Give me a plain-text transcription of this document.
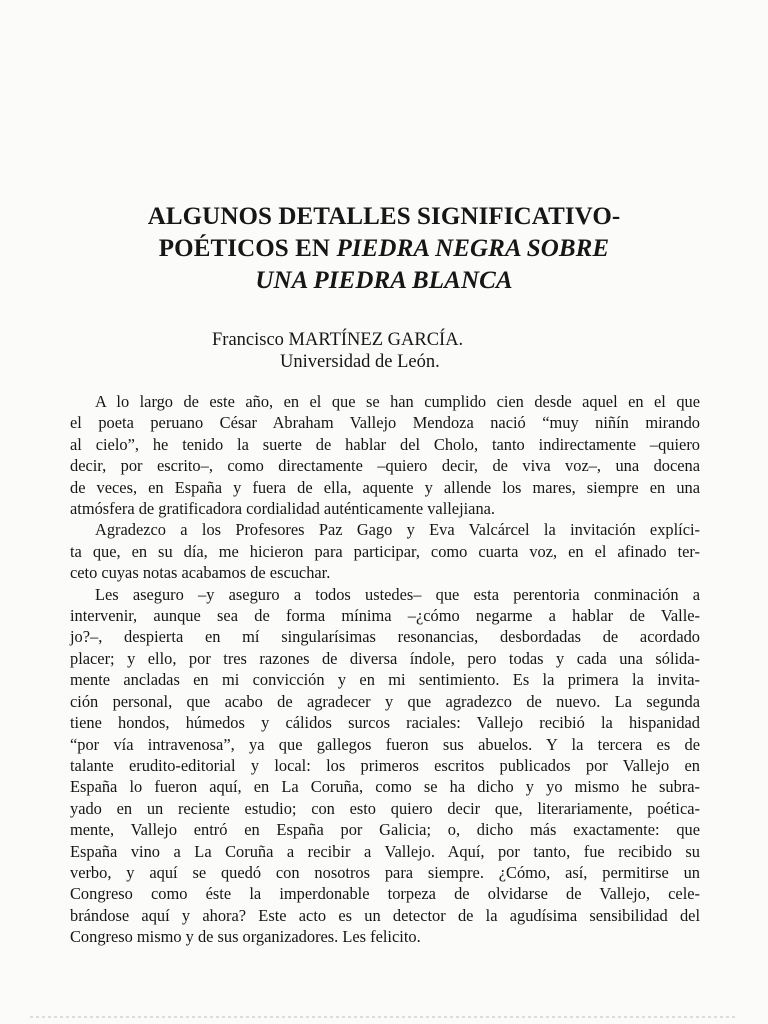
ALGUNOS DETALLES SIGNIFICATIVO-
POÉTICOS EN PIEDRA NEGRA SOBRE
UNA PIEDRA BLANCA
Francisco MARTÍNEZ GARCÍA.
Universidad de León.

A lo largo de este año, en el que se han cumplido cien desde aquel en el que
el poeta peruano César Abraham Vallejo Mendoza nació “muy niñín mirando
al cielo”, he tenido la suerte de hablar del Cholo, tanto indirectamente –quiero
decir, por escrito–, como directamente –quiero decir, de viva voz–, una docena
de veces, en España y fuera de ella, aquente y allende los mares, siempre en una
atmósfera de gratificadora cordialidad auténticamente vallejiana.

Agradezco a los Profesores Paz Gago y Eva Valcárcel la invitación explíci-
ta que, en su día, me hicieron para participar, como cuarta voz, en el afinado ter-
ceto cuyas notas acabamos de escuchar.

Les aseguro –y aseguro a todos ustedes– que esta perentoria conminación a
intervenir, aunque sea de forma mínima –¿cómo negarme a hablar de Valle-
jo?–, despierta en mí singularísimas resonancias, desbordadas de acordado
placer; y ello, por tres razones de diversa índole, pero todas y cada una sólida-
mente ancladas en mi convicción y en mi sentimiento. Es la primera la invita-
ción personal, que acabo de agradecer y que agradezco de nuevo. La segunda
tiene hondos, húmedos y cálidos surcos raciales: Vallejo recibió la hispanidad
“por vía intravenosa”, ya que gallegos fueron sus abuelos. Y la tercera es de
talante erudito-editorial y local: los primeros escritos publicados por Vallejo en
España lo fueron aquí, en La Coruña, como se ha dicho y yo mismo he subra-
yado en un reciente estudio; con esto quiero decir que, literariamente, poética-
mente, Vallejo entró en España por Galicia; o, dicho más exactamente: que
España vino a La Coruña a recibir a Vallejo. Aquí, por tanto, fue recibido su
verbo, y aquí se quedó con nosotros para siempre. ¿Cómo, así, permitirse un
Congreso como éste la imperdonable torpeza de olvidarse de Vallejo, cele-
brándose aquí y ahora? Este acto es un detector de la agudísima sensibilidad del
Congreso mismo y de sus organizadores. Les felicito.
